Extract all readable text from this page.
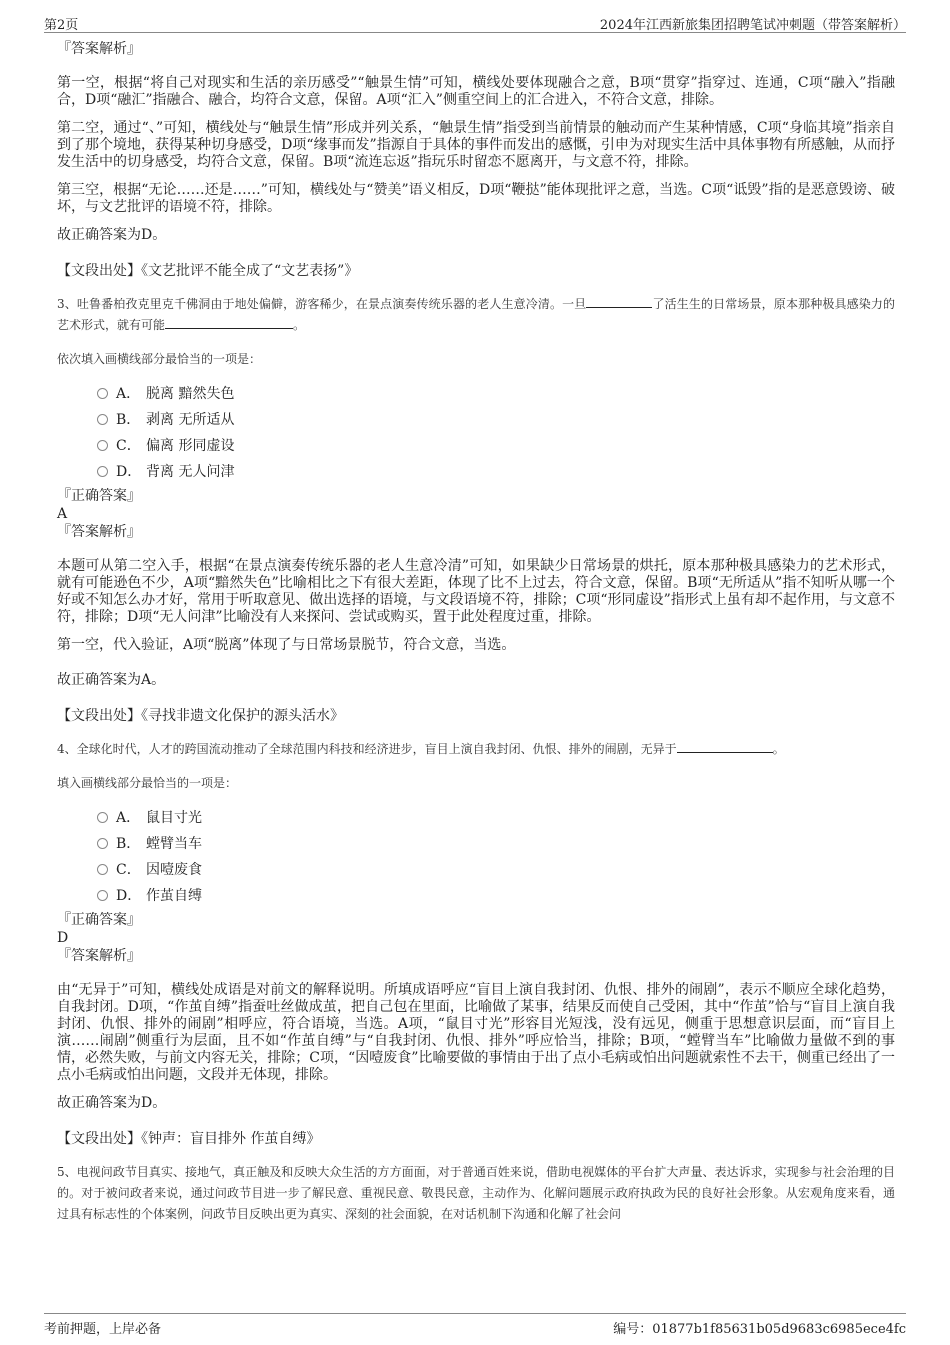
第2页	2024年江西新旅集团招聘笔试冲刺题（带答案解析）

『答案解析』

第一空，根据“将自己对现实和生活的亲历感受”“触景生情”可知，横线处要体现融合之意，B项“贯穿”指穿过、连通，C项“融入”指融合，D项“融汇”指融合、融合，均符合文意，保留。A项“汇入”侧重空间上的汇合进入，不符合文意，排除。

第二空，通过“、”可知，横线处与“触景生情”形成并列关系，“触景生情”指受到当前情景的触动而产生某种情感，C项“身临其境”指亲自到了那个境地，获得某种切身感受，D项“缘事而发”指源自于具体的事件而发出的感慨，引申为对现实生活中具体事物有所感触，从而抒发生活中的切身感受，均符合文意，保留。B项“流连忘返”指玩乐时留恋不愿离开，与文意不符，排除。

第三空，根据“无论……还是……”可知，横线处与“赞美”语义相反，D项“鞭挞”能体现批评之意，当选。C项“诋毁”指的是恶意毁谤、破坏，与文艺批评的语境不符，排除。

故正确答案为D。

【文段出处】《文艺批评不能全成了“文艺表扬”》

3、吐鲁番柏孜克里克千佛洞由于地处偏僻，游客稀少，在景点演奏传统乐器的老人生意冷清。一旦	了活生生的日常场景，原本那种极具感染力的艺术形式，就有可能	。

依次填入画横线部分最恰当的一项是：

A． 脱离 黯然失色
B． 剥离 无所适从
C． 偏离 形同虚设
D． 背离 无人问津

『正确答案』

A

『答案解析』

本题可从第二空入手，根据“在景点演奏传统乐器的老人生意冷清”可知，如果缺少日常场景的烘托，原本那种极具感染力的艺术形式，就有可能逊色不少，A项“黯然失色”比喻相比之下有很大差距，体现了比不上过去，符合文意，保留。B项“无所适从”指不知听从哪一个好或不知怎么办才好，常用于听取意见、做出选择的语境，与文段语境不符，排除；C项“形同虚设”指形式上虽有却不起作用，与文意不符，排除；D项“无人问津”比喻没有人来探问、尝试或购买，置于此处程度过重，排除。

第一空，代入验证，A项“脱离”体现了与日常场景脱节，符合文意，当选。

故正确答案为A。

【文段出处】《寻找非遗文化保护的源头活水》

4、全球化时代，人才的跨国流动推动了全球范围内科技和经济进步，盲目上演自我封闭、仇恨、排外的闹剧，无异于	。

填入画横线部分最恰当的一项是：

A． 鼠目寸光
B． 螳臂当车
C． 因噎废食
D． 作茧自缚

『正确答案』

D

『答案解析』

由“无异于”可知，横线处成语是对前文的解释说明。所填成语呼应“盲目上演自我封闭、仇恨、排外的闹剧”，表示不顺应全球化趋势，自我封闭。D项，“作茧自缚”指蚕吐丝做成茧，把自己包在里面，比喻做了某事，结果反而使自己受困，其中“作茧”恰与“盲目上演自我封闭、仇恨、排外的闹剧”相呼应，符合语境，当选。A项，“鼠目寸光”形容目光短浅，没有远见，侧重于思想意识层面，而“盲目上演……闹剧”侧重行为层面，且不如“作茧自缚”与“自我封闭、仇恨、排外”呼应恰当，排除；B项，“螳臂当车”比喻做力量做不到的事情，必然失败，与前文内容无关，排除；C项，“因噎废食”比喻要做的事情由于出了点小毛病或怕出问题就索性不去干，侧重已经出了一点小毛病或怕出问题，文段并无体现，排除。

故正确答案为D。

【文段出处】《钟声：盲目排外 作茧自缚》

5、电视问政节目真实、接地气，真正触及和反映大众生活的方方面面，对于普通百姓来说，借助电视媒体的平台扩大声量、表达诉求，实现参与社会治理的目的。对于被问政者来说，通过问政节目进一步了解民意、重视民意、敬畏民意，主动作为、化解问题展示政府执政为民的良好社会形象。从宏观角度来看，通过具有标志性的个体案例，问政节目反映出更为真实、深刻的社会面貌，在对话机制下沟通和化解了社会问

考前押题，上岸必备	编号：01877b1f85631b05d9683c6985ece4fc
